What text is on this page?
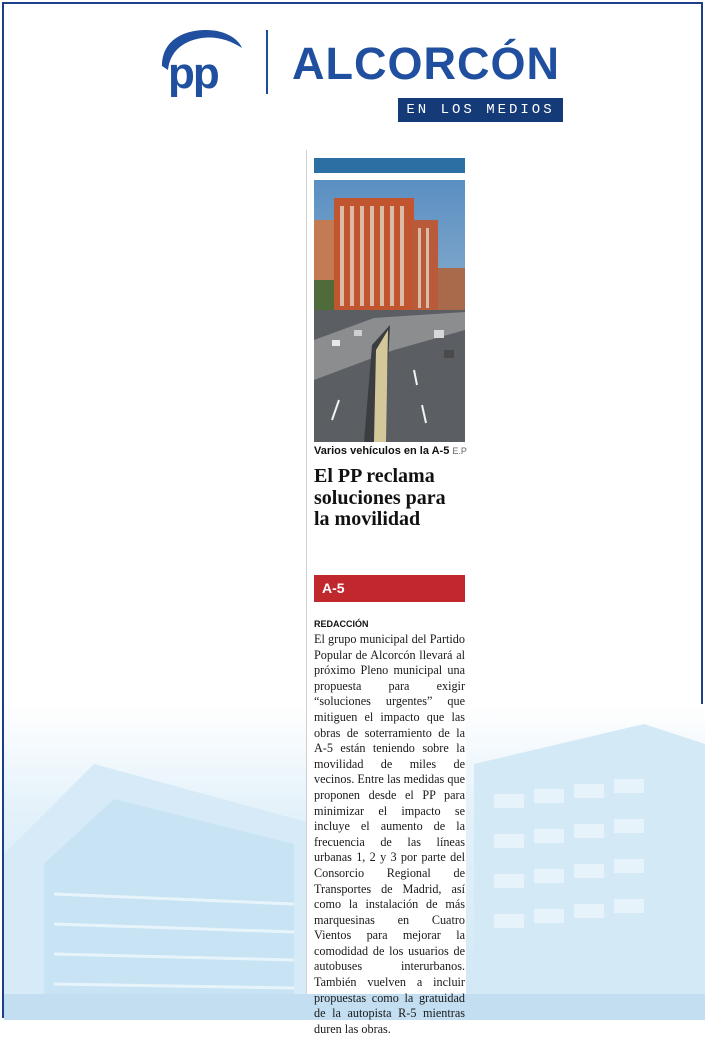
pp ALCORCÓN
EN LOS MEDIOS
Varios vehículos en la A-5 E.P
El PP reclama soluciones para la movilidad
A-5
REDACCIÓN
El grupo municipal del Partido Popular de Alcorcón llevará al próximo Pleno municipal una propuesta para exigir “soluciones urgentes” que mitiguen el impacto que las obras de soterramiento de la A-5 están teniendo sobre la movilidad de miles de vecinos. Entre las medidas que proponen desde el PP para minimizar el impacto se incluye el aumento de la frecuencia de las líneas urbanas 1, 2 y 3 por parte del Consorcio Regional de Transportes de Madrid, así como la instalación de más marquesinas en Cuatro Vientos para mejorar la comodidad de los usuarios de autobuses interurbanos. También vuelven a incluir propuestas como la gratuidad de la autopista R-5 mientras duren las obras.
